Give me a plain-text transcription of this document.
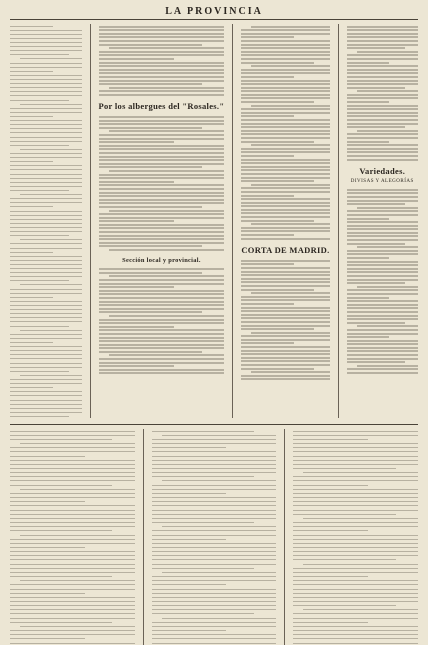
LA PROVINCIA
Por los albergues del "Rosales."
Sección local y provincial.
CORTA DE MADRID.
Variedades.
DIVISAS Y ALEGORÍAS
